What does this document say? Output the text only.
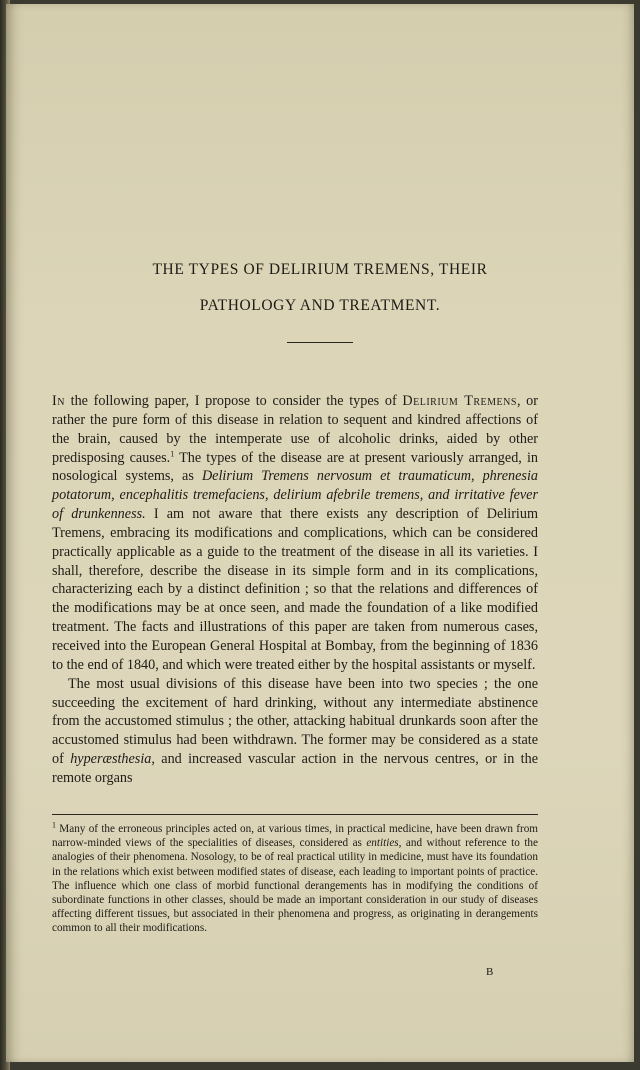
THE TYPES OF DELIRIUM TREMENS, THEIR
PATHOLOGY AND TREATMENT.

In the following paper, I propose to consider the types of Delirium Tremens, or rather the pure form of this disease in relation to sequent and kindred affections of the brain, caused by the intemperate use of alcoholic drinks, aided by other predisposing causes.$^1$ The types of the disease are at present variously arranged, in nosological systems, as Delirium Tremens nervosum et traumaticum, phrenesia potatorum, encephalitis tremefaciens, delirium afebrile tremens, and irritative fever of drunkenness. I am not aware that there exists any description of Delirium Tremens, embracing its modifications and complications, which can be considered practically applicable as a guide to the treatment of the disease in all its varieties. I shall, therefore, describe the disease in its simple form and in its complications, characterizing each by a distinct definition ; so that the relations and differences of the modifications may be at once seen, and made the foundation of a like modified treatment. The facts and illustrations of this paper are taken from numerous cases, received into the European General Hospital at Bombay, from the beginning of 1836 to the end of 1840, and which were treated either by the hospital assistants or myself.

The most usual divisions of this disease have been into two species ; the one succeeding the excitement of hard drinking, without any intermediate abstinence from the accustomed stimulus ; the other, attacking habitual drunkards soon after the accustomed stimulus had been withdrawn. The former may be considered as a state of hyperæsthesia, and increased vascular action in the nervous centres, or in the remote organs

$^1$ Many of the erroneous principles acted on, at various times, in practical medicine, have been drawn from narrow-minded views of the specialities of diseases, considered as entities, and without reference to the analogies of their phenomena. Nosology, to be of real practical utility in medicine, must have its foundation in the relations which exist between modified states of disease, each leading to important points of practice. The influence which one class of morbid functional derangements has in modifying the conditions of subordinate functions in other classes, should be made an important consideration in our study of diseases affecting different tissues, but associated in their phenomena and progress, as originating in derangements common to all their modifications.
B
